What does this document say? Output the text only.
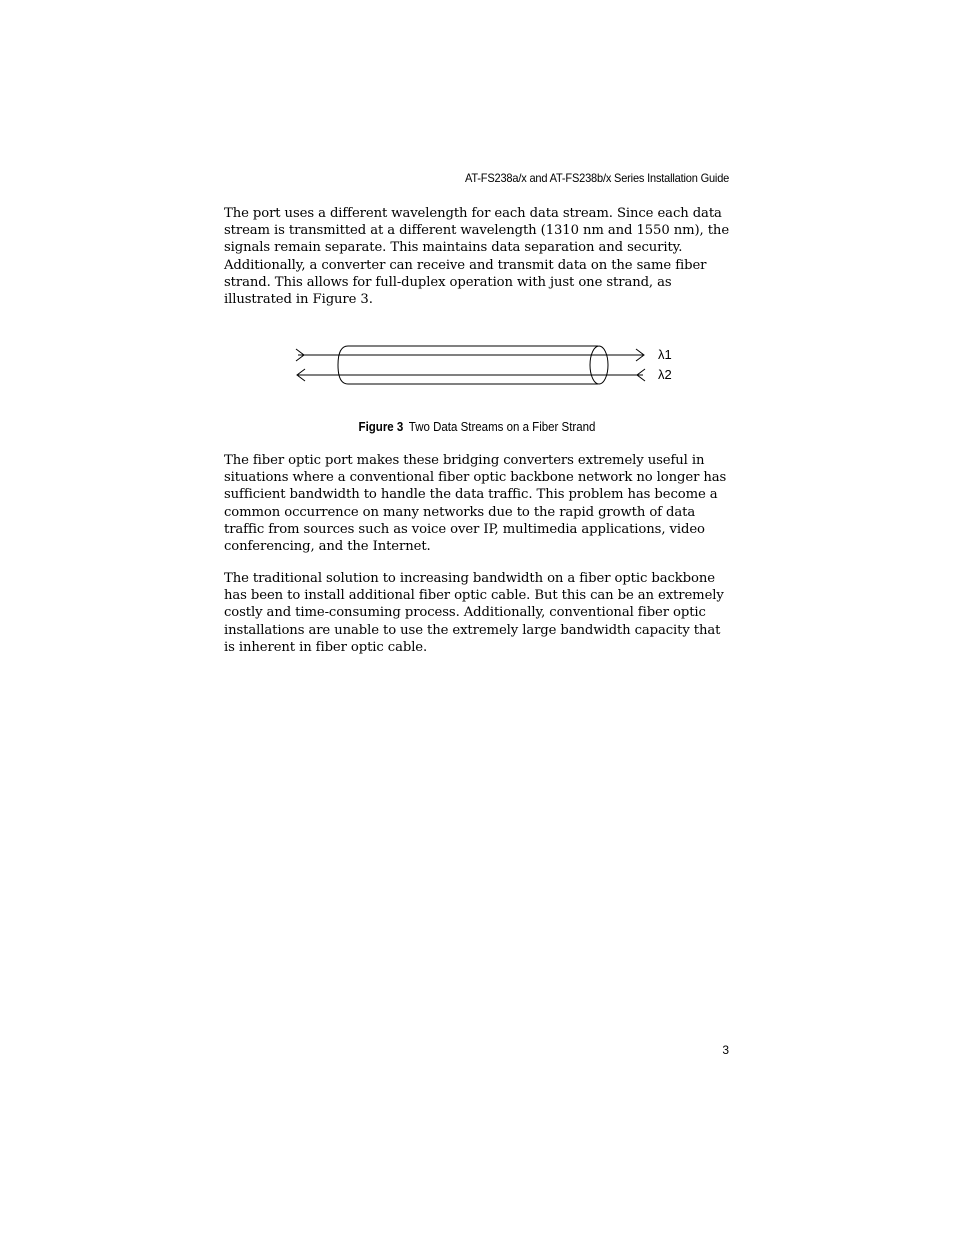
AT-FS238a/x and AT-FS238b/x Series Installation Guide

The port uses a different wavelength for each data stream. Since each data stream is transmitted at a different wavelength (1310 nm and 1550 nm), the signals remain separate. This maintains data separation and security. Additionally, a converter can receive and transmit data on the same fiber strand. This allows for full-duplex operation with just one strand, as illustrated in Figure 3.

λ1
λ2
Figure 3 Two Data Streams on a Fiber Strand

The fiber optic port makes these bridging converters extremely useful in situations where a conventional fiber optic backbone network no longer has sufficient bandwidth to handle the data traffic. This problem has become a common occurrence on many networks due to the rapid growth of data traffic from sources such as voice over IP, multimedia applications, video conferencing, and the Internet.

The traditional solution to increasing bandwidth on a fiber optic backbone has been to install additional fiber optic cable. But this can be an extremely costly and time-consuming process. Additionally, conventional fiber optic installations are unable to use the extremely large bandwidth capacity that is inherent in fiber optic cable.

3
